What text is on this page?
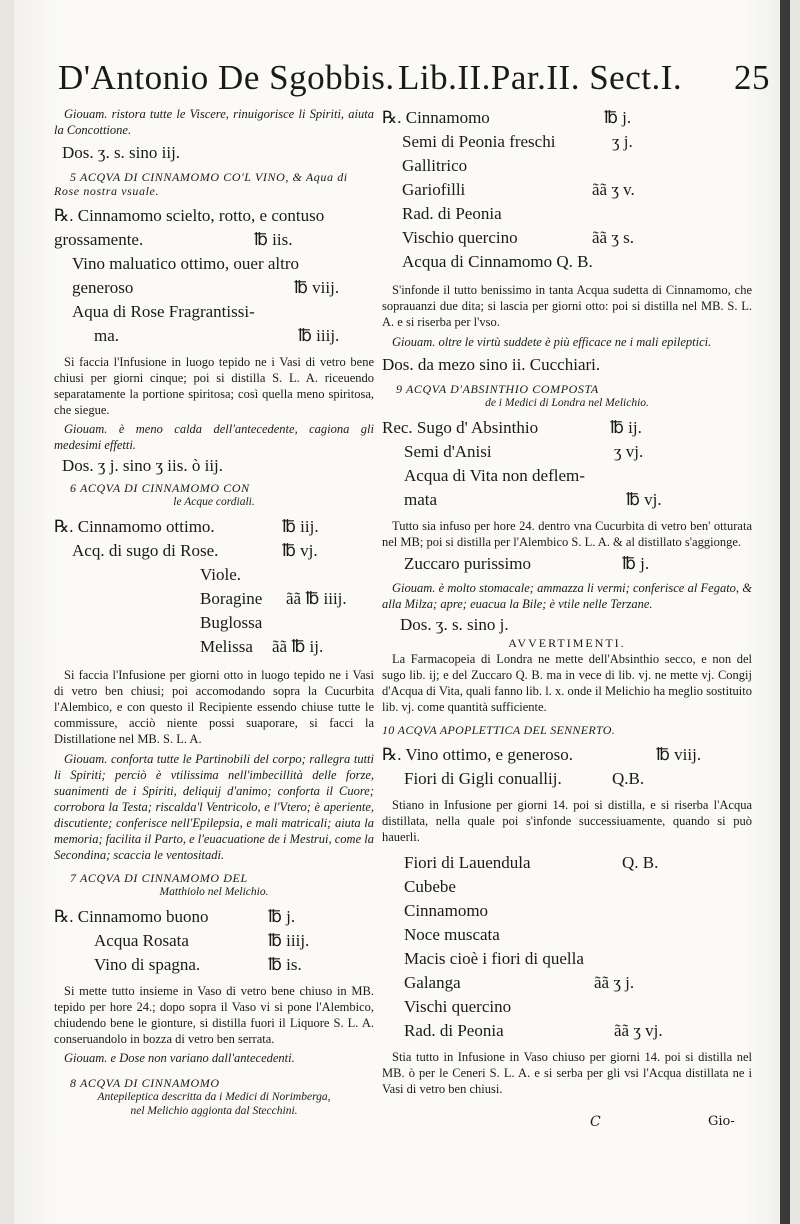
D'Antonio De Sgobbis. Lib.II.Par.II. Sect.I. 25

Giouam. ristora tutte le Viscere, rinuigorisce li Spiriti, aiuta la Concottione.

Dos. ʒ. s. sino iij.

5 ACQVA DI CINNAMOMO CO'L VINO, & Aqua di Rose nostra vsuale.

℞. Cinnamomo scielto, rotto, e contuso
grossamente.	℔ iis.
Vino maluatico ottimo, ouer altro
generoso	℔ viij.
Aqua di Rose Fragrantissi-
ma.	℔ iiij.

Si faccia l'Infusione in luogo tepido ne i Vasi di vetro bene chiusi per giorni cinque; poi si distilla S. L. A. riceuendo separatamente la portione spiritosa; così quella meno spiritosa, che siegue.

Giouam. è meno calda dell'antecedente, cagiona gli medesimi effetti.

Dos. ʒ j. sino ʒ iis. ò iij.

6 ACQVA DI CINNAMOMO CON

le Acque cordiali.

℞. Cinnamomo ottimo.	℔ iij.
Acq. di sugo di Rose.	℔ vj.
Viole.
Boragine ãã ℔ iiij.
Buglossa
Melissa ãã ℔ ij.

Si faccia l'Infusione per giorni otto in luogo tepido ne i Vasi di vetro ben chiusi; poi accomodando sopra la Cucurbita l'Alembico, e con questo il Recipiente essendo chiuse tutte le commissure, acciò niente possi suaporare, si facci la Distillatione nel MB. S. L. A.

Giouam. conforta tutte le Partinobili del corpo; rallegra tutti li Spiriti; perciò è vtilissima nell'imbecillità delle forze, suanimenti de i Spiriti, deliquij d'animo; conforta il Cuore; corrobora la Testa; riscalda'l Ventricolo, e l'Vtero; è aperiente, discutiente; conferisce nell'Epilepsia, e mali matricali; aiuta la memoria; facilita il Parto, e l'euacuatione de i Mestrui, come la Secondina; scaccia le ventositadi.

7 ACQVA DI CINNAMOMO DEL

Matthiolo nel Melichio.

℞. Cinnamomo buono	℔ j.
Acqua Rosata	℔ iiij.
Vino di spagna.	℔ is.

Si mette tutto insieme in Vaso di vetro bene chiuso in MB. tepido per hore 24.; dopo sopra il Vaso vi si pone l'Alembico, chiudendo bene le gionture, si distilla fuori il Liquore S. L. A. conseruandolo in bozza di vetro ben serrata.

Giouam. e Dose non variano dall'antecedenti.

8 ACQVA DI CINNAMOMO

Antepileptica descritta da i Medici di Norimberga, nel Melichio aggionta dal Stecchini.

℞. Cinnamomo	℔ j.
Semi di Peonia freschi	ʒ j.
Gallitrico
Gariofilli	ãã ʒ v.
Rad. di Peonia
Vischio quercino	ãã ʒ s.
Acqua di Cinnamomo Q. B.

S'infonde il tutto benissimo in tanta Acqua sudetta di Cinnamomo, che soprauanzi due dita; si lascia per giorni otto: poi si distilla nel MB. S. L. A. e si riserba per l'vso.

Giouam. oltre le virtù suddete è più efficace ne i mali epileptici.

Dos. da mezo sino ii. Cucchiari.

9 ACQVA D'ABSINTHIO COMPOSTA

de i Medici di Londra nel Melichio.

Rec. Sugo d' Absinthio	℔ ij.
Semi d'Anisi	ʒ vj.
Acqua di Vita non deflem-
mata	℔ vj.

Tutto sia infuso per hore 24. dentro vna Cucurbita di vetro ben' otturata nel MB; poi si distilla per l'Alembico S. L. A. & al distillato s'aggionge.

Zuccaro purissimo	℔ j.

Giouam. è molto stomacale; ammazza li vermi; conferisce al Fegato, & alla Milza; apre; euacua la Bile; è vtile nelle Terzane.

Dos. ʒ. s. sino j.

AVVERTIMENTI.

La Farmacopeia di Londra ne mette dell'Absinthio secco, e non del sugo lib. ij; e del Zuccaro Q. B. ma in vece di lib. vj. ne mette vj. Congij d'Acqua di Vita, quali fanno lib. l. x. onde il Melichio ha meglio sostituito lib. vj. come quantità sufficiente.

10 ACQVA APOPLETTICA DEL SENNERTO.

℞. Vino ottimo, e generoso.	℔ viij.
Fiori di Gigli conuallij.	Q.B.

Stiano in Infusione per giorni 14. poi si distilla, e si riserba l'Acqua distillata, nella quale poi s'infonde successiuamente, quando si può hauerli.

Fiori di Lauendula	Q. B.
Cubebe
Cinnamomo
Noce muscata
Macis cioè i fiori di quella
Galanga	ãã ʒ j.
Vischi quercino
Rad. di Peonia	ãã ʒ vj.

Stia tutto in Infusione in Vaso chiuso per giorni 14. poi si distilla nel MB. ò per le Ceneri S. L. A. e si serba per gli vsi l'Acqua distillata ne i Vasi di vetro ben chiusi.

C	Gio-
